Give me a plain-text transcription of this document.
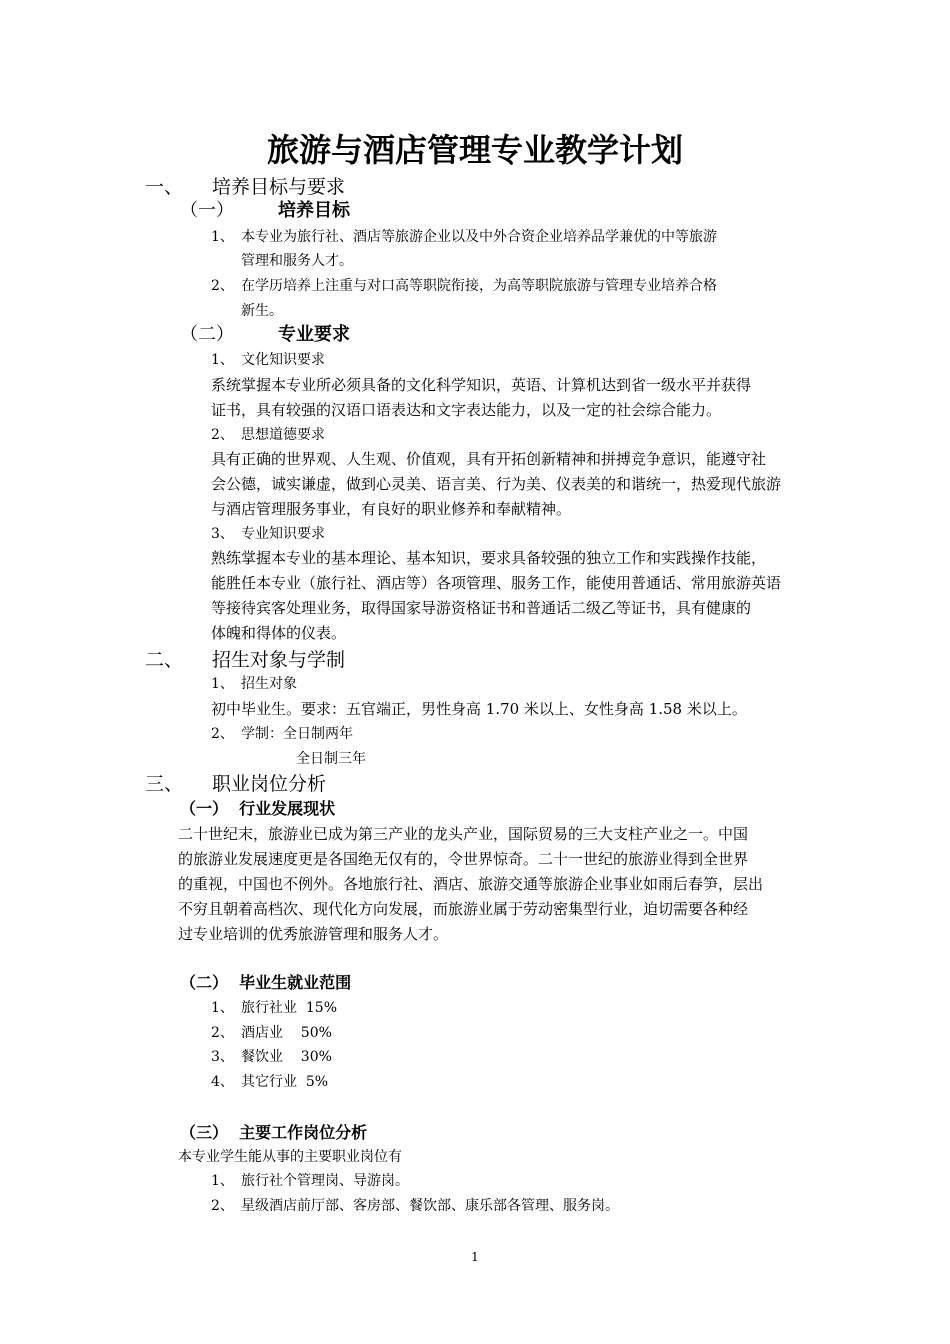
旅游与酒店管理专业教学计划
一、 培养目标与要求
（一） 培养目标
1、 本专业为旅行社、酒店等旅游企业以及中外合资企业培养品学兼优的中等旅游
管理和服务人才。
2、 在学历培养上注重与对口高等职院衔接，为高等职院旅游与管理专业培养合格
新生。
（二） 专业要求
1、 文化知识要求
系统掌握本专业所必须具备的文化科学知识，英语、计算机达到省一级水平并获得
证书，具有较强的汉语口语表达和文字表达能力，以及一定的社会综合能力。
2、 思想道德要求
具有正确的世界观、人生观、价值观，具有开拓创新精神和拼搏竞争意识，能遵守社
会公德，诚实谦虚，做到心灵美、语言美、行为美、仪表美的和谐统一，热爱现代旅游
与酒店管理服务事业，有良好的职业修养和奉献精神。
3、 专业知识要求
熟练掌握本专业的基本理论、基本知识，要求具备较强的独立工作和实践操作技能，
能胜任本专业（旅行社、酒店等）各项管理、服务工作，能使用普通话、常用旅游英语
等接待宾客处理业务，取得国家导游资格证书和普通话二级乙等证书，具有健康的
体魄和得体的仪表。
二、 招生对象与学制
1、 招生对象
初中毕业生。要求：五官端正，男性身高 1.70 米以上、女性身高 1.58 米以上。
2、 学制：全日制两年
全日制三年
三、 职业岗位分析
（一） 行业发展现状
二十世纪末，旅游业已成为第三产业的龙头产业，国际贸易的三大支柱产业之一。中国
的旅游业发展速度更是各国绝无仅有的，令世界惊奇。二十一世纪的旅游业得到全世界
的重视，中国也不例外。各地旅行社、酒店、旅游交通等旅游企业事业如雨后春笋，层出
不穷且朝着高档次、现代化方向发展，而旅游业属于劳动密集型行业，迫切需要各种经
过专业培训的优秀旅游管理和服务人才。
（二） 毕业生就业范围
1、 旅行社业  15%
2、 酒店业    50%
3、 餐饮业    30%
4、 其它行业  5%
（三） 主要工作岗位分析
本专业学生能从事的主要职业岗位有
1、 旅行社个管理岗、导游岗。
2、 星级酒店前厅部、客房部、餐饮部、康乐部各管理、服务岗。
1
